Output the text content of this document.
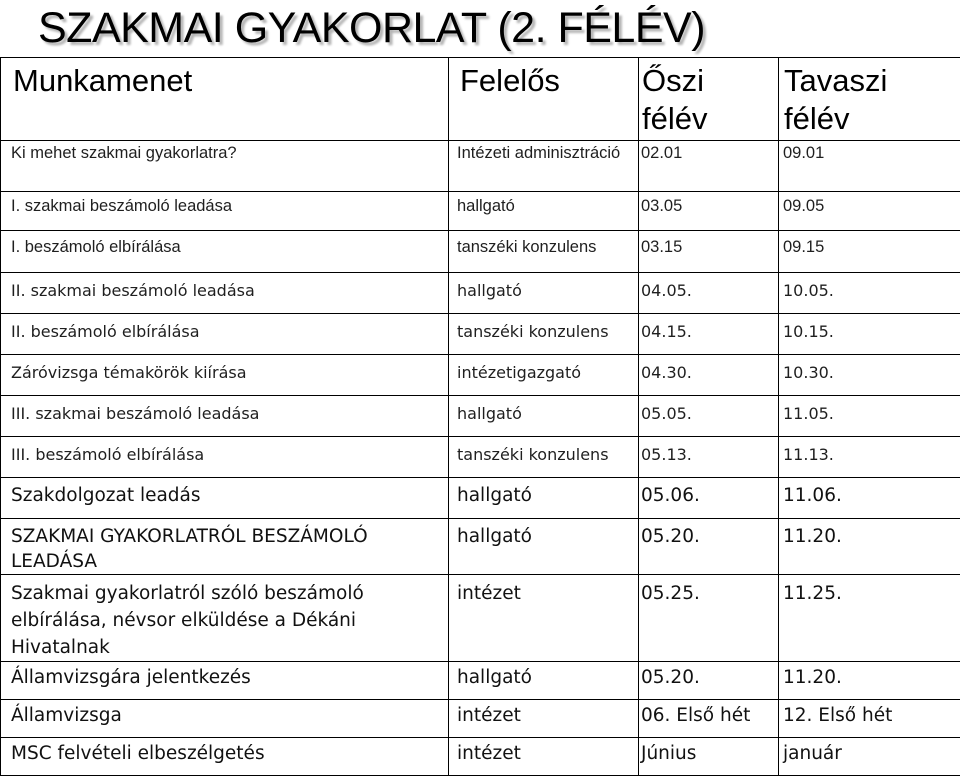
SZAKMAI GYAKORLAT (2. FÉLÉV)
Munkamenet	Felelős	Őszi félév	Tavaszi félév
Ki mehet szakmai gyakorlatra?	Intézeti adminisztráció	02.01	09.01
I. szakmai beszámoló leadása	hallgató	03.05	09.05
I. beszámoló elbírálása	tanszéki konzulens	03.15	09.15
II. szakmai beszámoló leadása	hallgató	04.05.	10.05.
II. beszámoló elbírálása	tanszéki konzulens	04.15.	10.15.
Záróvizsga témakörök kiírása	intézetigazgató	04.30.	10.30.
III. szakmai beszámoló leadása	hallgató	05.05.	11.05.
III. beszámoló elbírálása	tanszéki konzulens	05.13.	11.13.
Szakdolgozat leadás	hallgató	05.06.	11.06.
SZAKMAI GYAKORLATRÓL BESZÁMOLÓ LEADÁSA	hallgató	05.20.	11.20.
Szakmai gyakorlatról szóló beszámoló elbírálása, névsor elküldése a Dékáni Hivatalnak	intézet	05.25.	11.25.
Államvizsgára jelentkezés	hallgató	05.20.	11.20.
Államvizsga	intézet	06. Első hét	12. Első hét
MSC felvételi elbeszélgetés	intézet	Június	január
